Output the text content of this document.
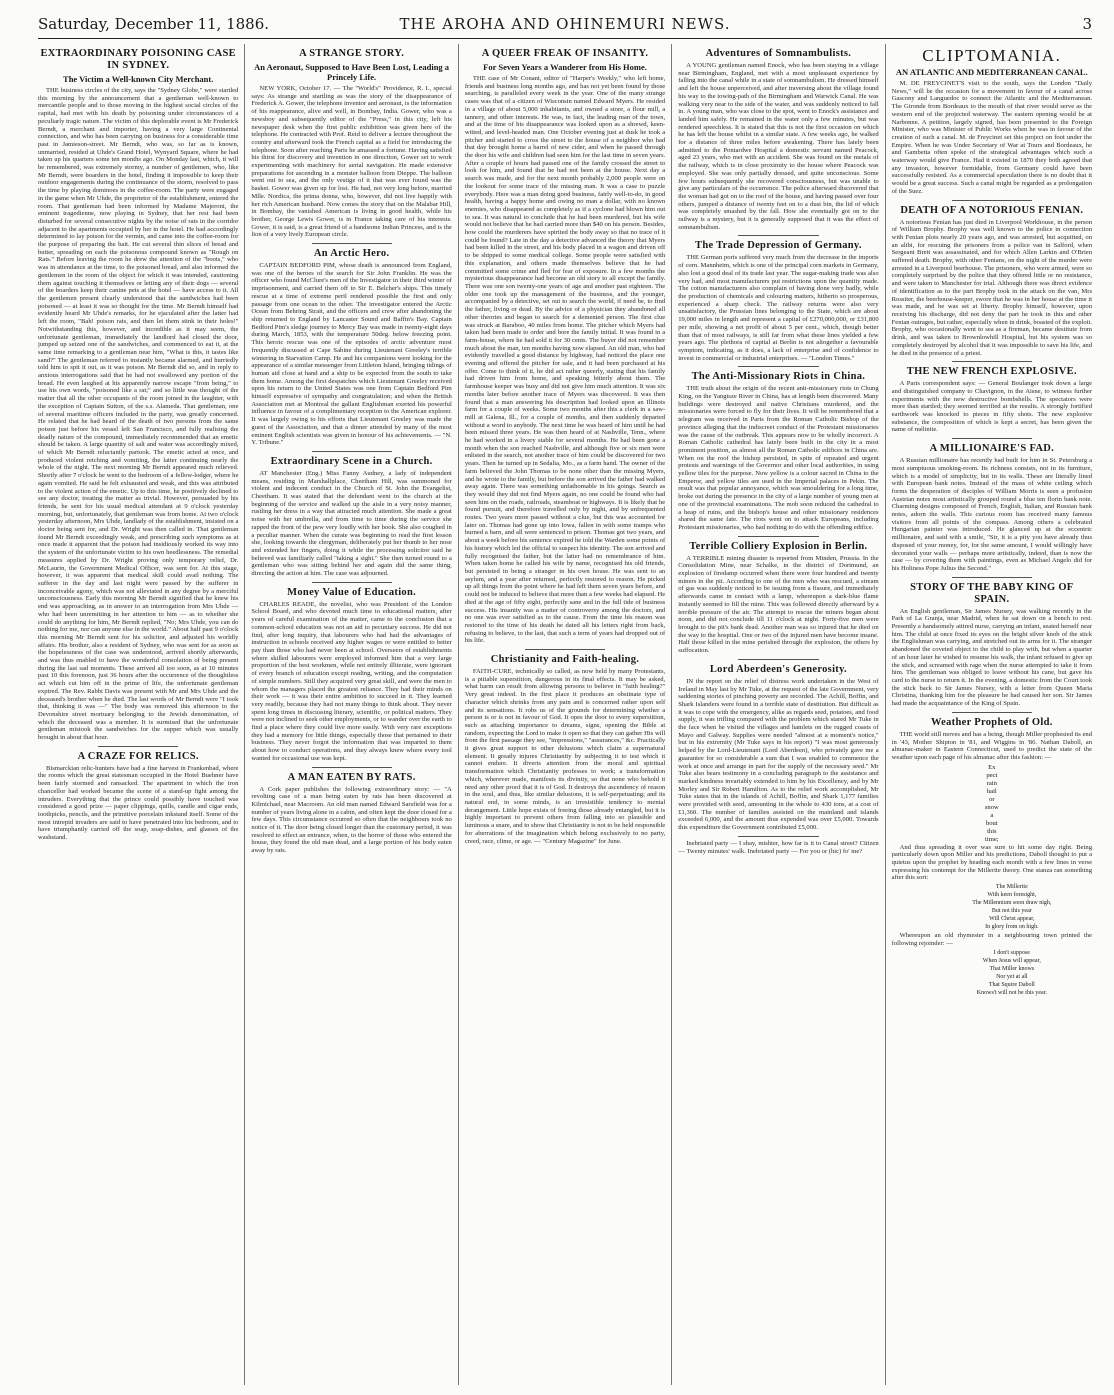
Saturday, December 11, 1886.	THE AROHA AND OHINEMURI NEWS.	3
EXTRAORDINARY POISONING CASE IN SYDNEY.
The Victim a Well-known City Merchant.

THE business circles of the city, says the "Sydney Globe," were startled this morning by the announcement that a gentleman well-known to mercantile people and to those moving in the highest social circles of the capital, had met with his death by poisoning under circumstances of a peculiarly tragic nature. The victim of this deplorable event is Mr Frederick Berndt, a merchant and importer, having a very large Continental connection, and who has been carrying on business for a considerable time past in Jamieson-street. Mr Berndt, who was, so far as is known, unmarried, resided at Uhde's Grand Hotel, Wynyard Square, where he had taken up his quarters some ten months ago. On Monday last, which, it will be remembered, was extremely stormy, a number of gentlemen, who, like Mr Berndt, were boarders in the hotel, finding it impossible to keep their outdoor engagements during the continuance of the storm, resolved to pass the time by playing dominoes in the coffee-room. The party were engaged in the game when Mr Uhde, the proprietor of the establishment, entered the room. That gentleman had been informed by Madame Majeroni, the eminent tragedienne, now playing in Sydney, that her rest had been disturbed for several consecutive nights by the noise of rats in the corridor adjacent to the apartments occupied by her in the hotel. He had accordingly determined to lay poison for the vermin, and came into the coffee-room for the purpose of preparing the bait. He cut several thin slices of bread and butter, spreading on each the poisonous compound known as "Rough on Rats." Before leaving the room he drew the attention of the "boots," who was in attendance at the time, to the poisoned bread, and also informed the gentlemen in the room of the object for which it was intended, cautioning them against touching it themselves or letting any of their dogs — several of the boarders keep their canine pets at the hotel — have access to it. All the gentlemen present clearly understood that the sandwiches had been poisoned — at least it was so thought for the time. Mr Berndt himself had evidently heard Mr Uhde's remarks, for he ejaculated after the latter had left the room, "Bah! poison rats, and then let them stink in their holes!" Notwithstanding this, however, and incredible as it may seem, the unfortunate gentleman, immediately the landlord had closed the door, jumped up seized one of the sandwiches, and commenced to eat it, at the same time remarking to a gentleman near him, "What is this, it tastes like sand?" The gentleman referred to instantly became alarmed, and hurriedly told him to spit it out, as it was poison. Mr Berndt did so, and in reply to anxious interrogations said that he had not swallowed any portion of the bread. He even laughed at his apparently narrow escape "from being," to use his own words, "poisoned like a rat;" and so little was thought of the matter that all the other occupants of the room joined in the laughter, with the exception of Captain Sutton, of the s.s. Alameda. That gentleman, one of several maritime officers included in the party, was greatly concerned. He related that he had heard of the death of two persons from the same poison just before his vessel left San Francisco, and fully realising the deadly nature of the compound, immediately recommended that an emetic should be taken. A large quantity of salt and water was accordingly mixed, of which Mr Berndt reluctantly partook. The emetic acted at once, and produced violent retching and vomiting, the latter continuing nearly the whole of the night. The next morning Mr Berndt appeared much relieved. Shortly after 7 o'clock he went to the bedroom of a fellow-lodger, where he again vomited. He said he felt exhausted and weak, and this was attributed to the violent action of the emetic. Up to this time, he positively declined to see any doctor, treating the matter as trivial. However, persuaded by his friends, he sent for his usual medical attendant at 9 o'clock yesterday morning, but, unfortunately, that gentleman was from home. At two o'clock yesterday afternoon, Mrs Uhde, landlady of the establishment, insisted on a doctor being sent for, and Dr. Wright was then called in. That gentleman found Mr Berndt exceedingly weak, and prescribing such symptoms as at once made it apparent that the poison had insidiously worked its way into the system of the unfortunate victim to his own heedlessness. The remedial measures applied by Dr. Wright proving only temporary relief, Dr. McLaurin, the Government Medical Officer, was sent for. At this stage, however, it was apparent that medical skill could avail nothing. The sufferer in the day and last night were passed by the sufferer in inconceivable agony, which was not alleviated in any degree by a merciful unconsciousness. Early this morning Mr Berndt signified that he knew his end was approaching, as in answer to an interrogation from Mrs Uhde — who had been unremitting in her attention to him — as to whether she could do anything for him, Mr Berndt replied, "No; Mrs Uhde, you can do nothing for me, nor can anyone else in the world." About half past 9 o'clock this morning Mr Berndt sent for his solicitor, and adjusted his worldly affairs. His brother, also a resident of Sydney, who was sent for as soon as the hopelessness of the case was understood, arrived shortly afterwards, and was thus enabled to have the wonderful consolation of being present during the last sad moments. These arrived all too soon, as at 10 minutes past 10 this forenoon, just 36 hours after the occurrence of the thoughtless act which cut him off in the prime of life, the unfortunate gentleman expired. The Rev. Rabbi Davis was present with Mr and Mrs Uhde and the deceased's brother when he died. The last words of Mr Berndt were "I took that, thinking it was —" The body was removed this afternoon to the Devonshire street mortuary belonging to the Jewish denomination, of which the deceased was a member. It is surmised that the unfortunate gentleman mistook the sandwiches for the supper which was usually brought in about that hour.

A CRAZE FOR RELICS.

Bismarckian relic-hunters have had a fine harvest in Frankenbad, where the rooms which the great statesman occupied in the Hotel Buehner have been fairly stormed and ransacked. The apartment in which the iron chancellor had worked became the scene of a stand-up fight among the intruders. Everything that the prince could possibly have touched was considered a good prize — paper clippings, quills, candle and cigar ends, toothpicks, pencils, and the primitive porcelain inkstand itself. Some of the most intrepid invaders are said to have penetrated into his bedroom, and to have triumphantly carried off the soap, soap-dishes, and glasses of the washstand.

A STRANGE STORY.
An Aeronaut, Supposed to Have Been Lost, Leading a Princely Life.

NEW YORK, October 17. — The "World's" Providence, R. I., special says: As strange and startling as was the story of the disappearance of Frederick A. Gower, the telephone inventor and aeronaut, is the information of his reappearance, alive and well, in Bombay, India. Gower, who was a newsboy and subsequently editor of the "Press," in this city, left his newspaper desk when the first public exhibition was given here of the telephone. He contracted with Prof. Reid to deliver a lecture throughout the country and afterward took the French capital as a field for introducing the telephone. Soon after reaching Paris he amassed a fortune. Having satisfied his thirst for discovery and invention in one direction, Gower set to work experimenting with machinery for aerial navigation. He made extensive preparations for ascending in a monster balloon from Dieppe. The balloon went out to sea, and the only vestige of it that was ever found was the basket. Gower was given up for lost. He had, not very long before, married Mlle. Nordica, the prima donna, who, however, did not live happily with her rich American husband. Now comes the story that on the Malabar Hill, in Bombay, the vanished American is living in good health, while his brother, George Lewis Gower, is in France taking care of his interests. Gower, it is said, is a great friend of a handsome Indian Princess, and is the lion of a very lively European circle.

An Arctic Hero.

CAPTAIN BEDFORD PIM, whose death is announced from England, was one of the heroes of the search for Sir John Franklin. He was the officer who found McClure's men of the Investigator in their third winter of imprisonment, and carried them off to Sir E. Belcher's ships. This timely rescue at a time of extreme peril rendered possible the first and only passage from one ocean to the other. The investigator entered the Arctic Ocean from Behring Strait, and the officers and crew after abandoning the ship returned to England by Lancaster Sound and Baffin's Bay. Captain Bedford Pim's sledge journey to Mercy Bay was made in twenty-eight days during March, 1853, with the temperature 50deg. below freezing point. This heroic rescue was one of the episodes of arctic adventure most frequently discussed at Cape Sabine during Lieutenant Greeley's terrible wintering in Starvation Camp. He and his companions were looking for the appearance of a similar messenger from Littleton Island, bringing tidings of human aid close at hand and a ship to be expected from the south to take them home. Among the first despatches which Lieutenant Greeley received upon his return to the United States was one from Captain Bedford Pim himself expressive of sympathy and congratulation; and when the British Association met at Montreal the gallant Englishman exerted his powerful influence in favour of a complimentary reception to the American explorer. It was largely owing to his efforts that Lieutenant Greeley was made the guest of the Association, and that a dinner attended by many of the most eminent English scientists was given in honour of his achievements. — "N. Y. Tribune."

Extraordinary Scene in a Church.

AT Manchester (Eng.) Miss Fanny Audney, a lady of independent means, residing in Marshallplace, Cheetham Hill, was summoned for violent and indecent conduct in the Church of St. John the Evangelist, Cheetham. It was stated that the defendant went to the church at the beginning of the service and walked up the aisle in a very noisy manner, rustling her dress in a way that attracted much attention. She made a great noise with her umbrella, and from time to time during the service she rapped the front of the pew very loudly with her book. She also coughed in a peculiar manner. When the curate was beginning to read the first lesson she, looking towards the clergyman, deliberately put her thumb to her nose and extended her fingers, doing it while the processing solicitor said he believed was familiarly called "taking a sight." She then turned round to a gentleman who was sitting behind her and again did the same thing, directing the action at him. The case was adjourned.

Money Value of Education.

CHARLES READE, the novelist, who was President of the London School Board, and who devoted much time to educational matters, after years of careful examination of the matter, came to the conclusion that a common-school education was not an aid to pecuniary success. He did not find, after long inquiry, that labourers who had had the advantages of instruction in schools received any higher wages or were entitled to better pay than those who had never been at school. Overseers of establishments where skilled labourers were employed informed him that a very large proportion of the best workmen, while not entirely illiterate, were ignorant of every branch of education except reading, writing, and the computation of simple numbers. Still they acquired very great skill, and were the men to whom the managers placed the greatest reliance. They had their minds on their work — it was their entire ambition to succeed in it. They learned very readily, because they had not many things to think about. They never spent long times in discussing literary, scientific, or political matters. They were not inclined to seek other employments, or to wander over the earth to find a place where they could live more easily. With very rare exceptions they had a memory for little things, especially those that pertained to their business. They never forgot the information that was imparted to them about how to conduct operations, and they always knew where every tool wanted for occasional use was kept.

A MAN EATEN BY RATS.

A Cork paper publishes the following extraordinary story: — "A revolting case of a man being eaten by rats has been discovered at Kilmichael, near Macroom. An old man named Edward Sarsfield was for a number of years living alone in a cabin, and often kept the door closed for a few days. This circumstance occurred so often that the neighbours took no notice of it. The door being closed longer than the customary period, it was resolved to effect an entrance, when, to the horror of those who entered the house, they found the old man dead, and a large portion of his body eaten away by rats.

A QUEER FREAK OF INSANITY.
For Seven Years a Wanderer from His Home.

THE case of Mr Conant, editor of "Harper's Weekly," who left home, friends and business long months ago, and has not yet been found by those searching, is paralleled every week in the year. One of the many strange cases was that of a citizen of Wisconsin named Edward Myers. He resided in a village of about 5,000 inhabitants, and owned a store, a flour mill, a tannery, and other interests. He was, in fact, the leading man of the town, and at the time of his disappearance was looked upon as a shrewd, keen-witted, and level-headed man. One October evening just at dusk he took a pitcher and started to cross the street to the house of a neighbor who had that day brought home a barrel of new cider, and when he passed through the door his wife and children had seen him for the last time in seven years. After a couple of hours had passed one of the family crossed the street to look for him, and found that he had not been at the house. Next day a search was made, and for the next month probably 2,000 people were on the lookout for some trace of the missing man. It was a case to puzzle everybody. Here was a man doing good business, fairly well-to-do, in good health, having a happy home and owing no man a dollar, with no known enemies, who disappeared as completely as if a cyclone had blown him out to sea. It was natural to conclude that he had been murdered, but his wife would not believe that he had carried more than $40 on his person. Besides, how could the murderers have spirited the body away so that no trace of it could be found? Late in the day a detective advanced the theory that Myers had been killed in the street, and his body placed in a wagon and driven off to be shipped to some medical college. Some people were satisfied with this explanation, and others made themselves believe that he had committed some crime and fled for fear of exposure. In a few months the mysterious disappearance had become an old story to all except the family. There was one son twenty-one years of age and another past eighteen. The older one took up the management of the business, and the younger, accompanied by a detective, set out to search the world, if need be, to find the father, living or dead. By the advice of a physician they abandoned all other theories and began to search for a demented person. The first clue was struck at Baraboo, 40 miles from home. The pitcher which Myers had taken had been made to order and bore the family initial. It was found in a farm-house, where he had sold it for 30 cents. The buyer did not remember much about the man, ten months having now elapsed. An old man, who had evidently travelled a good distance by highway, had noticed the place one evening and offered the pitcher for sale, and it had been purchased at his offer. Come to think of it, he did act rather queerly, stating that his family had driven him from home, and speaking bitterly about them. The farmhouse keeper was busy and did not give him much attention. It was six months later before another trace of Myers was discovered. It was then found that a man answering his description had looked upon an Illinois farm for a couple of weeks. Some two months after this a clerk in a saw-mill at Galena, Ill., for a couple of months, and then suddenly departed without a word to anybody. The next time he was heard of him until he had been missed three years. He was then heard of at Nashville, Tenn., where he had worked in a livery stable for several months. He had been gone a month when the son reached Nashville, and although five or six men were enlisted in the search, not another trace of him could be discovered for two years. Then he turned up in Sedalia, Mo., as a farm hand. The owner of the farm believed the John Thomas to be none other than the missing Myers, and he wrote to the family, but before the son arrived the father had walked away again. There was something unfathomable in his goings. Search as they would they did not find Myers again, no one could be found who had seen him on the roads, railroads, steamboat or highways. It is likely that he found pursuit, and therefore travelled only by night, and by unfrequented routes. Two years more passed without a clue, but this was accounted for later on. Thomas had gone up into Iowa, fallen in with some tramps who burned a barn, and all were sentenced to prison. Thomas got two years, and about a week before his sentence expired he told the Warden some points of his history which led the official to suspect his identity. The son arrived and fully recognised the father, but the latter had no remembrance of him. When taken home he called his wife by name, recognised his old friends, but persisted in being a stranger in his own house. He was sent to an asylum, and a year after returned, perfectly restored to reason. He picked up all things from the point where he had left them seven years before, and could not be induced to believe that more than a few weeks had elapsed. He died at the age of fifty eight, perfectly sane and in the full tide of business success. His insanity was a matter of controversy among the doctors, and no one was ever satisfied as to the cause. From the time his reason was restored to the time of his death he dated all his letters right from back, refusing to believe, to the last, that such a term of years had dropped out of his life.

Christianity and Faith-healing.

FAITH-CURE, technically so called, as now held by many Protestants, is a pitiable superstition, dangerous in its final effects. It may be asked, what harm can result from allowing persons to believe in "faith healing?" Very great indeed. In the first place it produces an obstinate type of character which shrinks from any pain and is concerned rather upon self and its sensations. It robs us of the grounds for determining whether a person is or is not in favour of God. It opes the door to every superstition, such as attaching importance to dreams, signs, opening the Bible at random, expecting the Lord to make it open so that they can gather His will from the first passage they see, "impressions," "assurances," &c. Practically it gives great support to other delusions which claim a supernatural element. It greatly injures Christianity by subjecting it to test which it cannot endure. It diverts attention from the moral and spiritual transformation which Christianity professes to work; a transformation which, wherever made, manifests its divinity, so that none who behold it need any other proof that it is of God. It destroys the ascendency of reason in the soul, and thus, like similar delusions, it is self-perpetuating; and its natural end, in some minds, is an irresistible tendency to mental derangement. Little hope exists of freeing those already entangled, but it is highly important to prevent others from falling into so plausible and luminous a snare, and to show that Christianity is not to be held responsible for aberrations of the imagination which belong exclusively to no party, creed, race, clime, or age. — "Century Magazine" for June.

Adventures of Somnambulists.

A YOUNG gentleman named Enock, who has been staying in a village near Birmingham, England, met with a most unpleasant experience by falling into the canal while in a state of somnambulism. He dressed himself and left the house unperceived, and after traversing about the village found his way to the towing-path of the Birmingham and Warwick Canal. He was walking very near to the side of the water, and was suddenly noticed to fall in. A young man, who was close to the spot, went to Enock's assistance and landed him safely. He remained in the water only a few minutes, but was rendered speechless. It is stated that this is not the first occasion on which he has left the house whilst in a similar state. A few weeks ago, he walked for a distance of three miles before awakening. There has lately been admitted to the Pontardwe Hospital a domestic servant named Peacock, aged 23 years, who met with an accident. She was found on the metals of the railway, which is in close proximity to the house where Peacock was employed. She was only partially dressed, and quite unconscious. Some few hours subsequently she recovered consciousness, but was unable to give any particulars of the occurrence. The police afterward discovered that the woman had got on to the roof of the house, and having passed over four others, jumped a distance of twenty feet on to a dust bin, the lid of which was completely smashed by the fall. How she eventually got on to the railway is a mystery, but it is generally supposed that it was the effect of somnambulism.

The Trade Depression of Germany.

THE German ports suffered very much from the decrease in the imports of corn. Mannheim, which is one of the principal corn markets in Germany, also lost a good deal of its trade last year. The sugar-making trade was also very bad, and most manufacturers put restrictions upon the quantity made. The cotton manufacturers also complain of having done very badly, while the production of chemicals and colouring matters, hitherto so prosperous, experienced a sharp check. The railway returns were also very unsatisfactory, the Prussian lines belonging to the State, which are about 19,000 miles in length and represent a capital of £270,000,000, or £31,800 per mile, showing a net profit of about 5 per cent., which, though better than that of most railways, is still far from what these lines yielded a few years ago. The plethora of capital at Berlin is not altogether a favourable symptom, indicating, as it does, a lack of enterprise and of confidence to invest in commercial or industrial enterprises. — "London Times."

The Anti-Missionary Riots in China.

THE truth about the origin of the recent anti-missionary riots in Chung King, on the Yangtsze River in China, has at length been discovered. Many buildings were destroyed and native Christians murdered, and the missionaries were forced to fly for their lives. It will be remembered that a telegram was received in Paris from the Roman Catholic Bishop of the province alleging that the indiscreet conduct of the Protestant missionaries was the cause of the outbreak. This appears now to be wholly incorrect. A Roman Catholic cathedral has lately been built in the city in a most prominent position, as almost all the Roman Catholic edifices in China are. When on the roof the bishop persisted, in spite of repeated and urgent protests and warnings of the Governor and other local authorities, in using yellow tiles for the purpose. Now yellow is a colour sacred in China to the Emperor, and yellow tiles are used in the Imperial palaces in Pekin. The result was that popular annoyance, which was smouldering for a long time, broke out during the presence in the city of a large number of young men at one of the provincial examinations. The mob soon reduced the cathedral to a heap of ruins, and the bishop's house and other missionary residences shared the same fate. The riots went on to attack Europeans, including Protestant missionaries, who had nothing to do with the offending edifice.

Terrible Colliery Explosion in Berlin.

A TERRIBLE mining disaster is reported from Minden, Prussia. In the Consolidation Mine, near Schalke, in the district of Dortmund, an explosion of firedamp occurred when there were four hundred and twenty miners in the pit. According to one of the men who was rescued, a stream of gas was suddenly noticed to be issuing from a fissure, and immediately afterwards came in contact with a lamp, whereupon a dark-blue flame instantly seemed to fill the mine. This was followed directly afterward by a terrible pressure of the air. The attempt to rescue the miners began about noon, and did not conclude till 11 o'clock at night. Forty-five men were brought to the pit's bank dead. Another man was so injured that he died on the way to the hospital. One or two of the injured men have become insane. Half those killed in the mine perished through the explosion, the others by suffocation.

Lord Aberdeen's Generosity.

IN the report on the relief of distress work undertaken in the West of Ireland in May last by Mr Tuke, at the request of the late Government, very saddening stories of pinching poverty are recorded. The Achill, Boffin, and Shark Islanders were found in a terrible state of destitution. But difficult as it was to cope with the emergency, alike as regards seed, potatoes, and food supply, it was trifling compared with the problem which stared Mr Tuke in the face when he visited the villages and hamlets on the rugged coasts of Mayo and Galway. Supplies were needed "almost at a moment's notice," but in his extremity (Mr Tuke says in his report) "I was most generously helped by the Lord-Lieutenant (Lord Aberdeen), who privately gave me a guarantee for so considerable a sum that I was enabled to commence the work at once and arrange in part for the supply of the necessary seed." Mr Tuke also bears testimony in a concluding paragraph to the assistance and marked kindness invariably extended to him by his Excellency, and by Mr Morley and Sir Robert Hamilton. As to the relief work accomplished, Mr Tuke states that in the islands of Achill, Boffin, and Shark 1,177 families were provided with seed, amounting in the whole to 430 tons, at a cost of £1,360. The number of families assisted on the mainland and islands exceeded 6,000, and the amount thus expended was over £5,000. Towards this expenditure the Government contributed £5,000.

Inebriated party — I shay, mishter, how far is it to Canal street? Citizen — Twenty minutes' walk. Inebriated party — For you or (hic) fo' me?

CLIPTOMANIA.
AN ATLANTIC AND MEDITERRANEAN CANAL.

M. DE FREYCINET'S visit to the south, says the London "Daily News," will be the occasion for a movement in favour of a canal across Gascony and Languedoc to connect the Atlantic and the Mediterranean. The Gironde from Bordeaux to the mouth of that river would serve as the western end of the projected waterway. The eastern opening would be at Narbonne. A petition, largely signed, has been presented to the Foreign Minister, who was Minister of Public Works when he was in favour of the creation of such a canal. M. de Freycinet set this project on foot under the Empire. When he was Under Secretary of War at Tours and Bordeaux, he and Gambetta often spoke of the strategical advantages which such a waterway would give France. Had it existed in 1870 they both agreed that any invasion, however formidable, from Germany could have been successfully resisted. As a commercial speculation there is no doubt that it would be a great success. Such a canal might be regarded as a prolongation of the Suez.

DEATH OF A NOTORIOUS FENIAN.

A notorious Fenian has just died in Liverpool Workhouse, in the person of William Brophy. Brophy was well known to the police in connection with Fenian plots nearly 20 years ago, and was arrested, but acquitted, on an alibi, for rescuing the prisoners from a police van in Salford, when Sergeant Brett was assassinated, and for which Allen Larkin and O'Brien suffered death. Brophy, with other Fenians, on the night of the murder were arrested in a Liverpool beerhouse. The prisoners, who were armed, were so completely surprised by the police that they offered little or no resistance, and were taken to Manchester for trial. Although there was direct evidence of identification as to the part Brophy took in the attack on the van, Mrs Rossiter, the beerhouse-keeper, swore that he was in her house at the time it was made, and he was set at liberty. Brophy himself, however, upon receiving his discharge, did not deny the part he took in this and other Fenian outrages, but rather, especially when in drink, boasted of the exploit. Brophy, who occasionally went to sea as a fireman, became destitute from drink, and was taken to Brownlowhill Hospital, but his system was so completely destroyed by alcohol that it was impossible to save his life, and he died in the presence of a priest.

THE NEW FRENCH EXPLOSIVE.

A Paris correspondent says: — General Boulanger took down a large and distinguished company to Chavignon, in the Aisne, to witness further experiments with the new destructive bombshells. The spectators were more than startled; they seemed terrified at the results. A strongly fortified earthwork was knocked to pieces in fifty shots. The new explosive substance, the composition of which is kept a secret, has been given the name of mélinite.

A MILLIONAIRE'S FAD.

A Russian millionaire has recently had built for him in St. Petersburg a most sumptuous smoking-room. Its richness consists, not in its furniture, which is a model of simplicity, but in its walls. These are literally lined with European bank notes. Instead of the mass of white ceiling which forms the desperation of disciples of William Morris is seen a profusion Austrian notes most artistically grouped round a blue ten florin bank note. Charming designs composed of French, English, Italian, and Russian bank notes, adorn the walls. This curious room has received many famous visitors from all points of the compass. Among others a celebrated Hungarian painter was introduced. He glanced up at the eccentric millionaire, and said with a smile, "Sir, it is a pity you have already thus disposed of your money, for, for the same amount, I would willingly have decorated your walls — perhaps more artistically, indeed, than is now the case — by covering them with paintings, even as Michael Angelo did for his Holiness Pope Julius the Second."

STORY OF THE BABY KING OF SPAIN.

An English gentleman, Sir James Nursey, was walking recently in the Park of La Granja, near Madrid, when he sat down on a bench to rest. Presently a handsomely attired nurse, carrying an infant, seated herself near him. The child at once fixed its eyes on the bright silver knob of the stick the Englishman was carrying, and stretched out its arms for it. The stranger abandoned the coveted object to the child to play with, but when a quarter of an hour later he wished to resume his walk, the infant refused to give up the stick, and screamed with rage when the nurse attempted to take it from him. The gentleman was obliged to leave without his cane, but gave his card to the nurse to return it. In the evening, a domestic from the Court took the stick back to Sir James Nursey, with a letter from Queen Maria Christina, thanking him for the pleasure he had caused her son. Sir James had made the acquaintance of the King of Spain.

Weather Prophets of Old.

THE world still moves and has a being, though Miller prophesied its end in '43, Mother Shipton in '81, and Wiggins in '86. Nathan Daboll, an almanac-maker in Eastern Connecticut, used to predict the state of the weather upon each page of his almanac after this fashion: —

Ex
pect
rain
hail
or
snow
a
bout
this
time;

And thus spreading it over was sure to hit some day right. Being particularly down upon Miller and his predictions, Daboll thought to put a quietus upon the prophet by heading each month with a few lines in verse expressing his contempt for the Millerite theory. One stanza ran something after this sort:

The Millerite
With keen foresight,
The Millennium soon draw nigh,
But not this year
Will Christ appear,
In glory from on high.

Whereupon an old rhymester in a neighbouring town printed the following rejoinder: —

I don't suppose
When Jesus will appear,
That Miller knows
Nor yet at all
That Squire Daboll
Knows't will not be this year.
